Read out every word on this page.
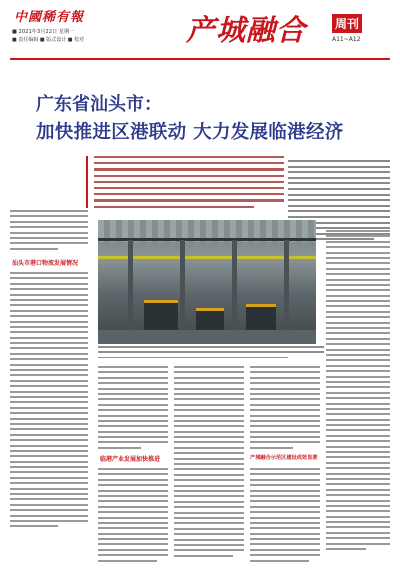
中國稀有報
■ 2021年3月22日 星期一
■ 责任编辑 ■ 版式设计 ■ 校对	产城融合 周刊
A11~A12
广东省汕头市：
加快推进区港联动 大力发展临港经济
汕头市港口物流发展情况
临港产业发展加快推进	产城融合示范区建设成效显著
